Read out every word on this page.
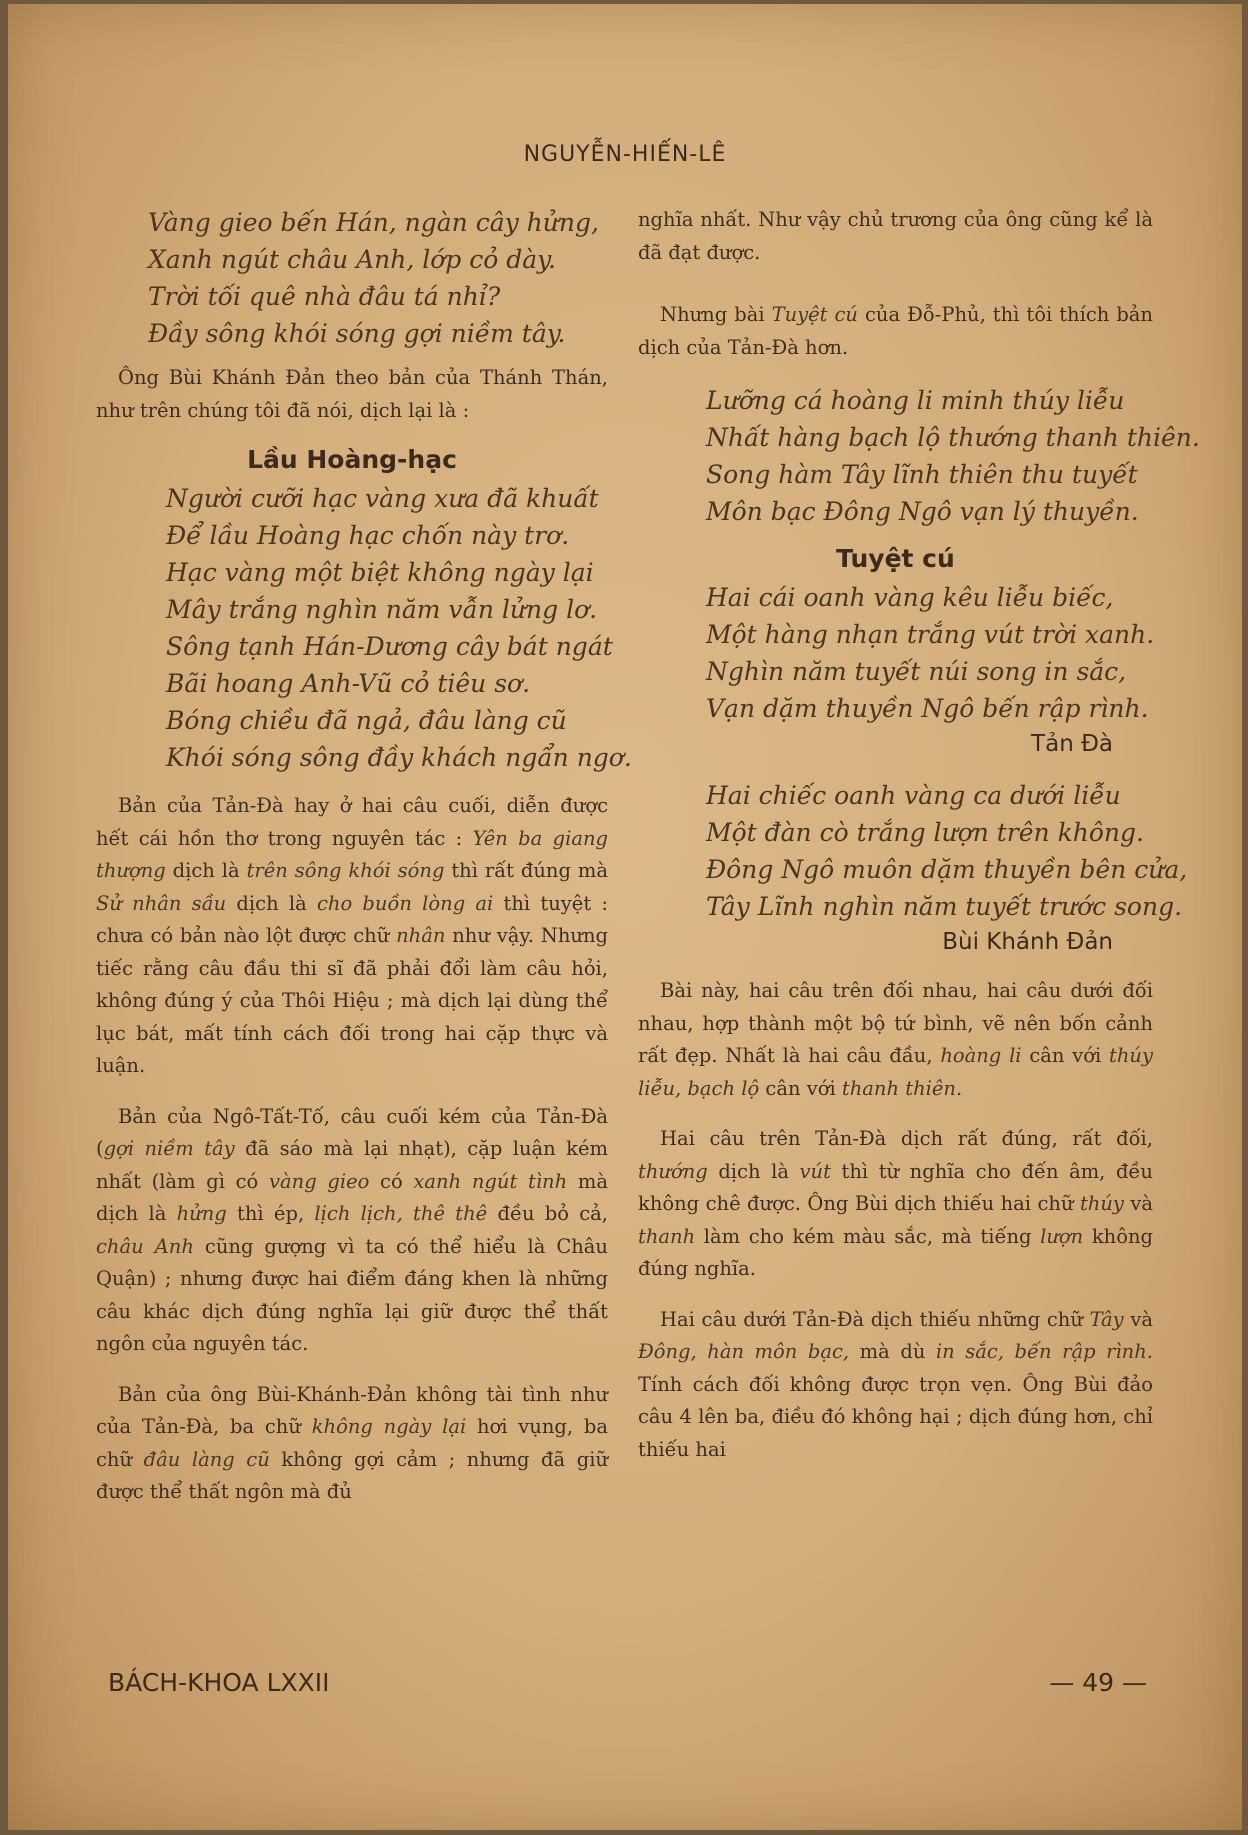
NGUYỄN-HIẾN-LÊ
Vàng gieo bến Hán, ngàn cây hửng,
Xanh ngút châu Anh, lớp cỏ dày.
Trời tối quê nhà đâu tá nhỉ?
Đầy sông khói sóng gợi niềm tây.

Ông Bùi Khánh Đản theo bản của Thánh Thán, như trên chúng tôi đã nói, dịch lại là :

Lầu Hoàng-hạc
Người cưỡi hạc vàng xưa đã khuất
Để lầu Hoàng hạc chốn này trơ.
Hạc vàng một biệt không ngày lại
Mây trắng nghìn năm vẫn lửng lơ.
Sông tạnh Hán-Dương cây bát ngát
Bãi hoang Anh-Vũ cỏ tiêu sơ.
Bóng chiều đã ngả, đâu làng cũ
Khói sóng sông đầy khách ngẩn ngơ.

Bản của Tản-Đà hay ở hai câu cuối, diễn được hết cái hồn thơ trong nguyên tác : Yên ba giang thượng dịch là trên sông khói sóng thì rất đúng mà Sử nhân sầu dịch là cho buồn lòng ai thì tuyệt : chưa có bản nào lột được chữ nhân như vậy. Nhưng tiếc rằng câu đầu thi sĩ đã phải đổi làm câu hỏi, không đúng ý của Thôi Hiệu ; mà dịch lại dùng thể lục bát, mất tính cách đối trong hai cặp thực và luận.

Bản của Ngô-Tất-Tố, câu cuối kém của Tản-Đà (gợi niềm tây đã sáo mà lại nhạt), cặp luận kém nhất (làm gì có vàng gieo có xanh ngút tình mà dịch là hửng thì ép, lịch lịch, thê thê đều bỏ cả, châu Anh cũng gượng vì ta có thể hiểu là Châu Quận) ; nhưng được hai điểm đáng khen là những câu khác dịch đúng nghĩa lại giữ được thể thất ngôn của nguyên tác.

Bản của ông Bùi-Khánh-Đản không tài tình như của Tản-Đà, ba chữ không ngày lại hơi vụng, ba chữ đâu làng cũ không gợi cảm ; nhưng đã giữ được thể thất ngôn mà đủ

nghĩa nhất. Như vậy chủ trương của ông cũng kể là đã đạt được.

Nhưng bài Tuyệt cú của Đỗ-Phủ, thì tôi thích bản dịch của Tản-Đà hơn.

Lưỡng cá hoàng li minh thúy liễu
Nhất hàng bạch lộ thướng thanh thiên.
Song hàm Tây lĩnh thiên thu tuyết
Môn bạc Đông Ngô vạn lý thuyền.
Tuyệt cú
Hai cái oanh vàng kêu liễu biếc,
Một hàng nhạn trắng vút trời xanh.
Nghìn năm tuyết núi song in sắc,
Vạn dặm thuyền Ngô bến rập rình.
Tản Đà
Hai chiếc oanh vàng ca dưới liễu
Một đàn cò trắng lượn trên không.
Đông Ngô muôn dặm thuyền bên cửa,
Tây Lĩnh nghìn năm tuyết trước song.
Bùi Khánh Đản

Bài này, hai câu trên đối nhau, hai câu dưới đối nhau, hợp thành một bộ tứ bình, vẽ nên bốn cảnh rất đẹp. Nhất là hai câu đầu, hoàng li cân với thúy liễu, bạch lộ cân với thanh thiên.

Hai câu trên Tản-Đà dịch rất đúng, rất đối, thướng dịch là vút thì từ nghĩa cho đến âm, đều không chê được. Ông Bùi dịch thiếu hai chữ thúy và thanh làm cho kém màu sắc, mà tiếng lượn không đúng nghĩa.

Hai câu dưới Tản-Đà dịch thiếu những chữ Tây và Đông, hàn môn bạc, mà dù in sắc, bến rập rình. Tính cách đối không được trọn vẹn. Ông Bùi đảo câu 4 lên ba, điều đó không hại ; dịch đúng hơn, chỉ thiếu hai

BÁCH-KHOA LXXII	— 49 —
